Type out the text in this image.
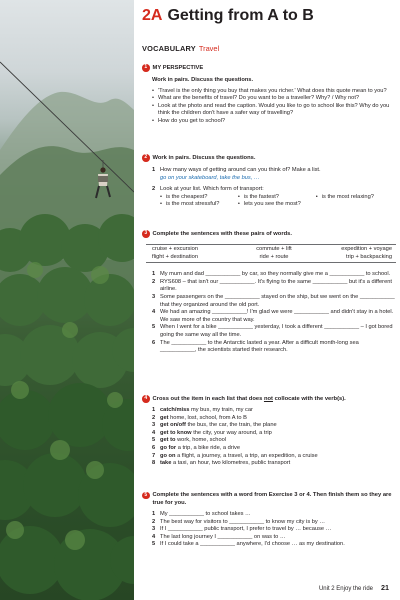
2A Getting from A to B
VOCABULARY Travel
1 MY PERSPECTIVE
Work in pairs. Discuss the questions.
• 'Travel is the only thing you buy that makes you richer.' What does this quote mean to you?
• What are the benefits of travel? Do you want to be a traveller? Why? / Why not?
• Look at the photo and read the caption. Would you like to go to school like this? Why do you think the children don't have a safer way of travelling?
• How do you get to school?
2 Work in pairs. Discuss the questions.
1 How many ways of getting around can you think of? Make a list.
go on your skateboard, take the bus, …
2 Look at your list. Which form of transport:
• is the cheapest?	• is the fastest?	• is the most relaxing?
• is the most stressful?	• lets you see the most?
3 Complete the sentences with these pairs of words.
cruise + excursion	commute + lift	expedition + voyage
flight + destination	ride + route	trip + backpacking
1 My mum and dad ___________ by car, so they normally give me a ___________ to school.
2 RYS608 – that isn't our ___________. It's flying to the same ___________ but it's a different airline.
3 Some passengers on the ___________ stayed on the ship, but we went on the ___________ that they organized around the old port.
4 We had an amazing ___________! I'm glad we were ___________ and didn't stay in a hotel. We saw more of the country that way.
5 When I went for a bike ___________ yesterday, I took a different ___________ – I got bored going the same way all the time.
6 The ___________ to the Antarctic lasted a year. After a difficult month-long sea ___________, the scientists started their research.
4 Cross out the item in each list that does not collocate with the verb(s).
1 catch/miss my bus, my train, my car
2 get home, lost, school, from A to B
3 get on/off the bus, the car, the train, the plane
4 get to know the city, your way around, a trip
5 get to work, home, school
6 go for a trip, a bike ride, a drive
7 go on a flight, a journey, a travel, a trip, an expedition, a cruise
8 take a taxi, an hour, two kilometres, public transport
5 Complete the sentences with a word from Exercise 3 or 4. Then finish them so they are true for you.
1 My ___________ to school takes …
2 The best way for visitors to ___________ to know my city is by …
3 If I ___________ public transport, I prefer to travel by … because …
4 The last long journey I ___________ on was to …
5 If I could take a ___________ anywhere, I'd choose … as my destination.
Unit 2 Enjoy the ride 21
